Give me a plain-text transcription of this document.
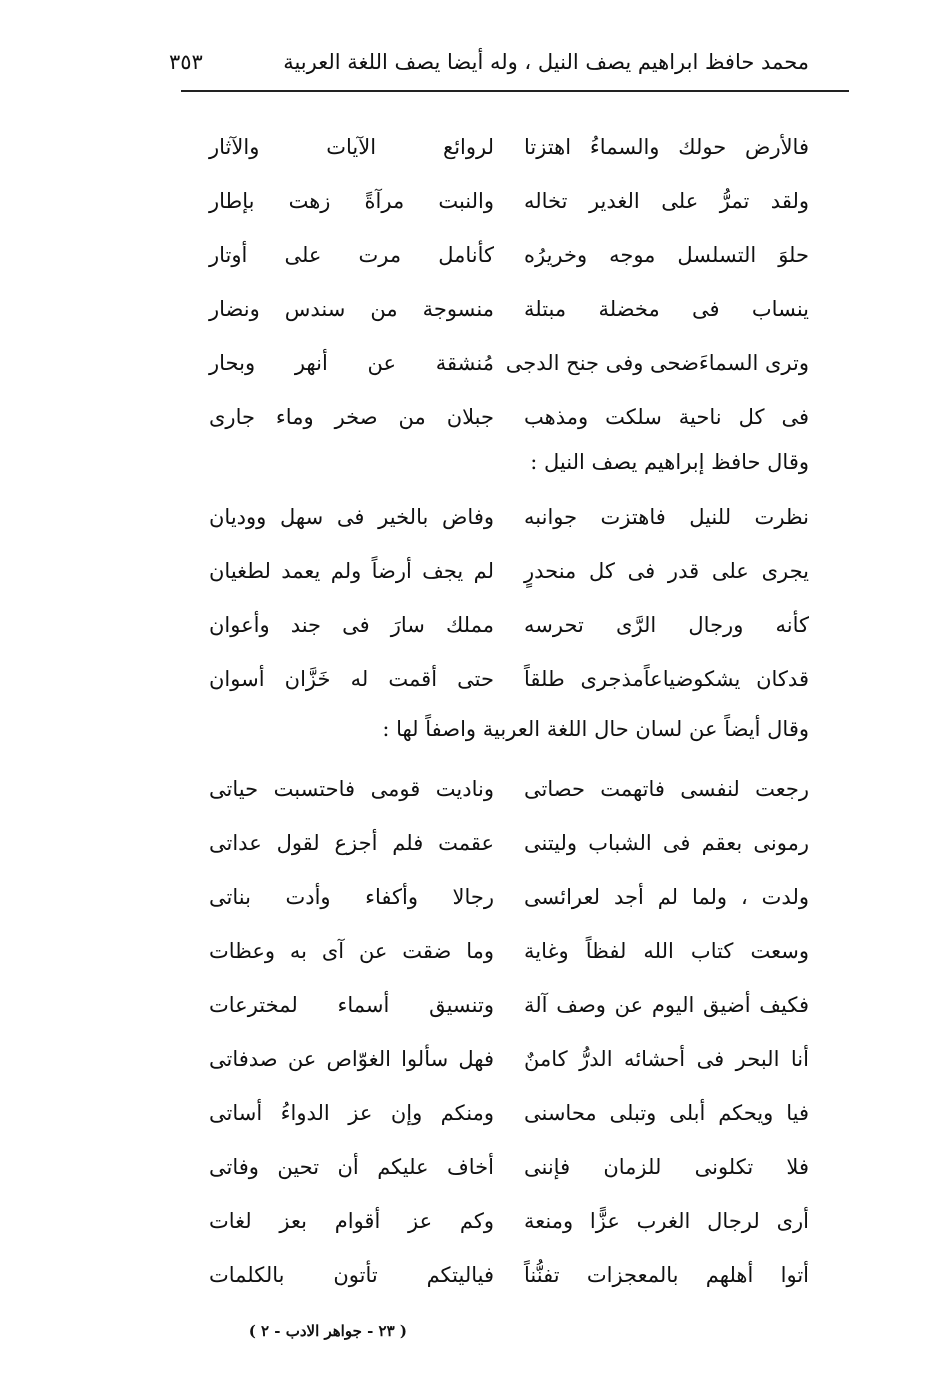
محمد حافظ ابراهيم يصف النيل ، وله أيضا يصف اللغة العربية
٣٥٣
فالأرض حولك والسماءُ اهتزتا
لروائع الآيات والآثار
ولقد تمرُّ على الغدير تخاله
والنبت مرآةً زهت بإطار
حلوَ التسلسل موجه وخريرُه
كأنامل مرت على أوتار
ينساب فى مخضلة مبتلة
منسوجة من سندس ونضار
وترى السماءَضحى وفى جنح الدجى
مُنشقة عن أنهر وبحار
فى كل ناحية سلكت ومذهب
جبلان من صخر وماء جارى
وقال حافظ إبراهيم يصف النيل :
نظرت للنيل فاهتزت جوانبه
وفاض بالخير فى سهل ووديان
يجرى على قدر فى كل منحدرٍ
لم يجف أرضاً ولم يعمد لطغيان
كأنه ورجال الرَّى تحرسه
مملك سارَ فى جند وأعوان
قدكان يشكوضياعاًمذجرى طلقاً
حتى أقمت له خَزَّان أسوان
وقال أيضاً عن لسان حال اللغة العربية واصفاً لها :
رجعت لنفسى فاتهمت حصاتى
وناديت قومى فاحتسبت حياتى
رمونى بعقم فى الشباب وليتنى
عقمت فلم أجزع لقول عداتى
ولدت ، ولما لم أجد لعرائسى
رجالا وأكفاء وأدت بناتى
وسعت كتاب الله لفظاً وغاية
وما ضقت عن آى به وعظات
فكيف أضيق اليوم عن وصف آلة
وتنسيق أسماء لمخترعات
أنا البحر فى أحشائه الدرُّ كامنٌ
فهل سألوا الغوّاص عن صدفاتى
فيا ويحكم أبلى وتبلى محاسنى
ومنكم وإن عز الدواءُ أساتى
فلا تكلونى للزمان فإننى
أخاف عليكم أن تحين وفاتى
أرى لرجال الغرب عزًّا ومنعة
وكم عز أقوام بعز لغات
أتوا أهلهم بالمعجزات تفنُّناً
فياليتكم تأتون بالكلمات
( ٢٣ - جواهر الادب - ٢ )
